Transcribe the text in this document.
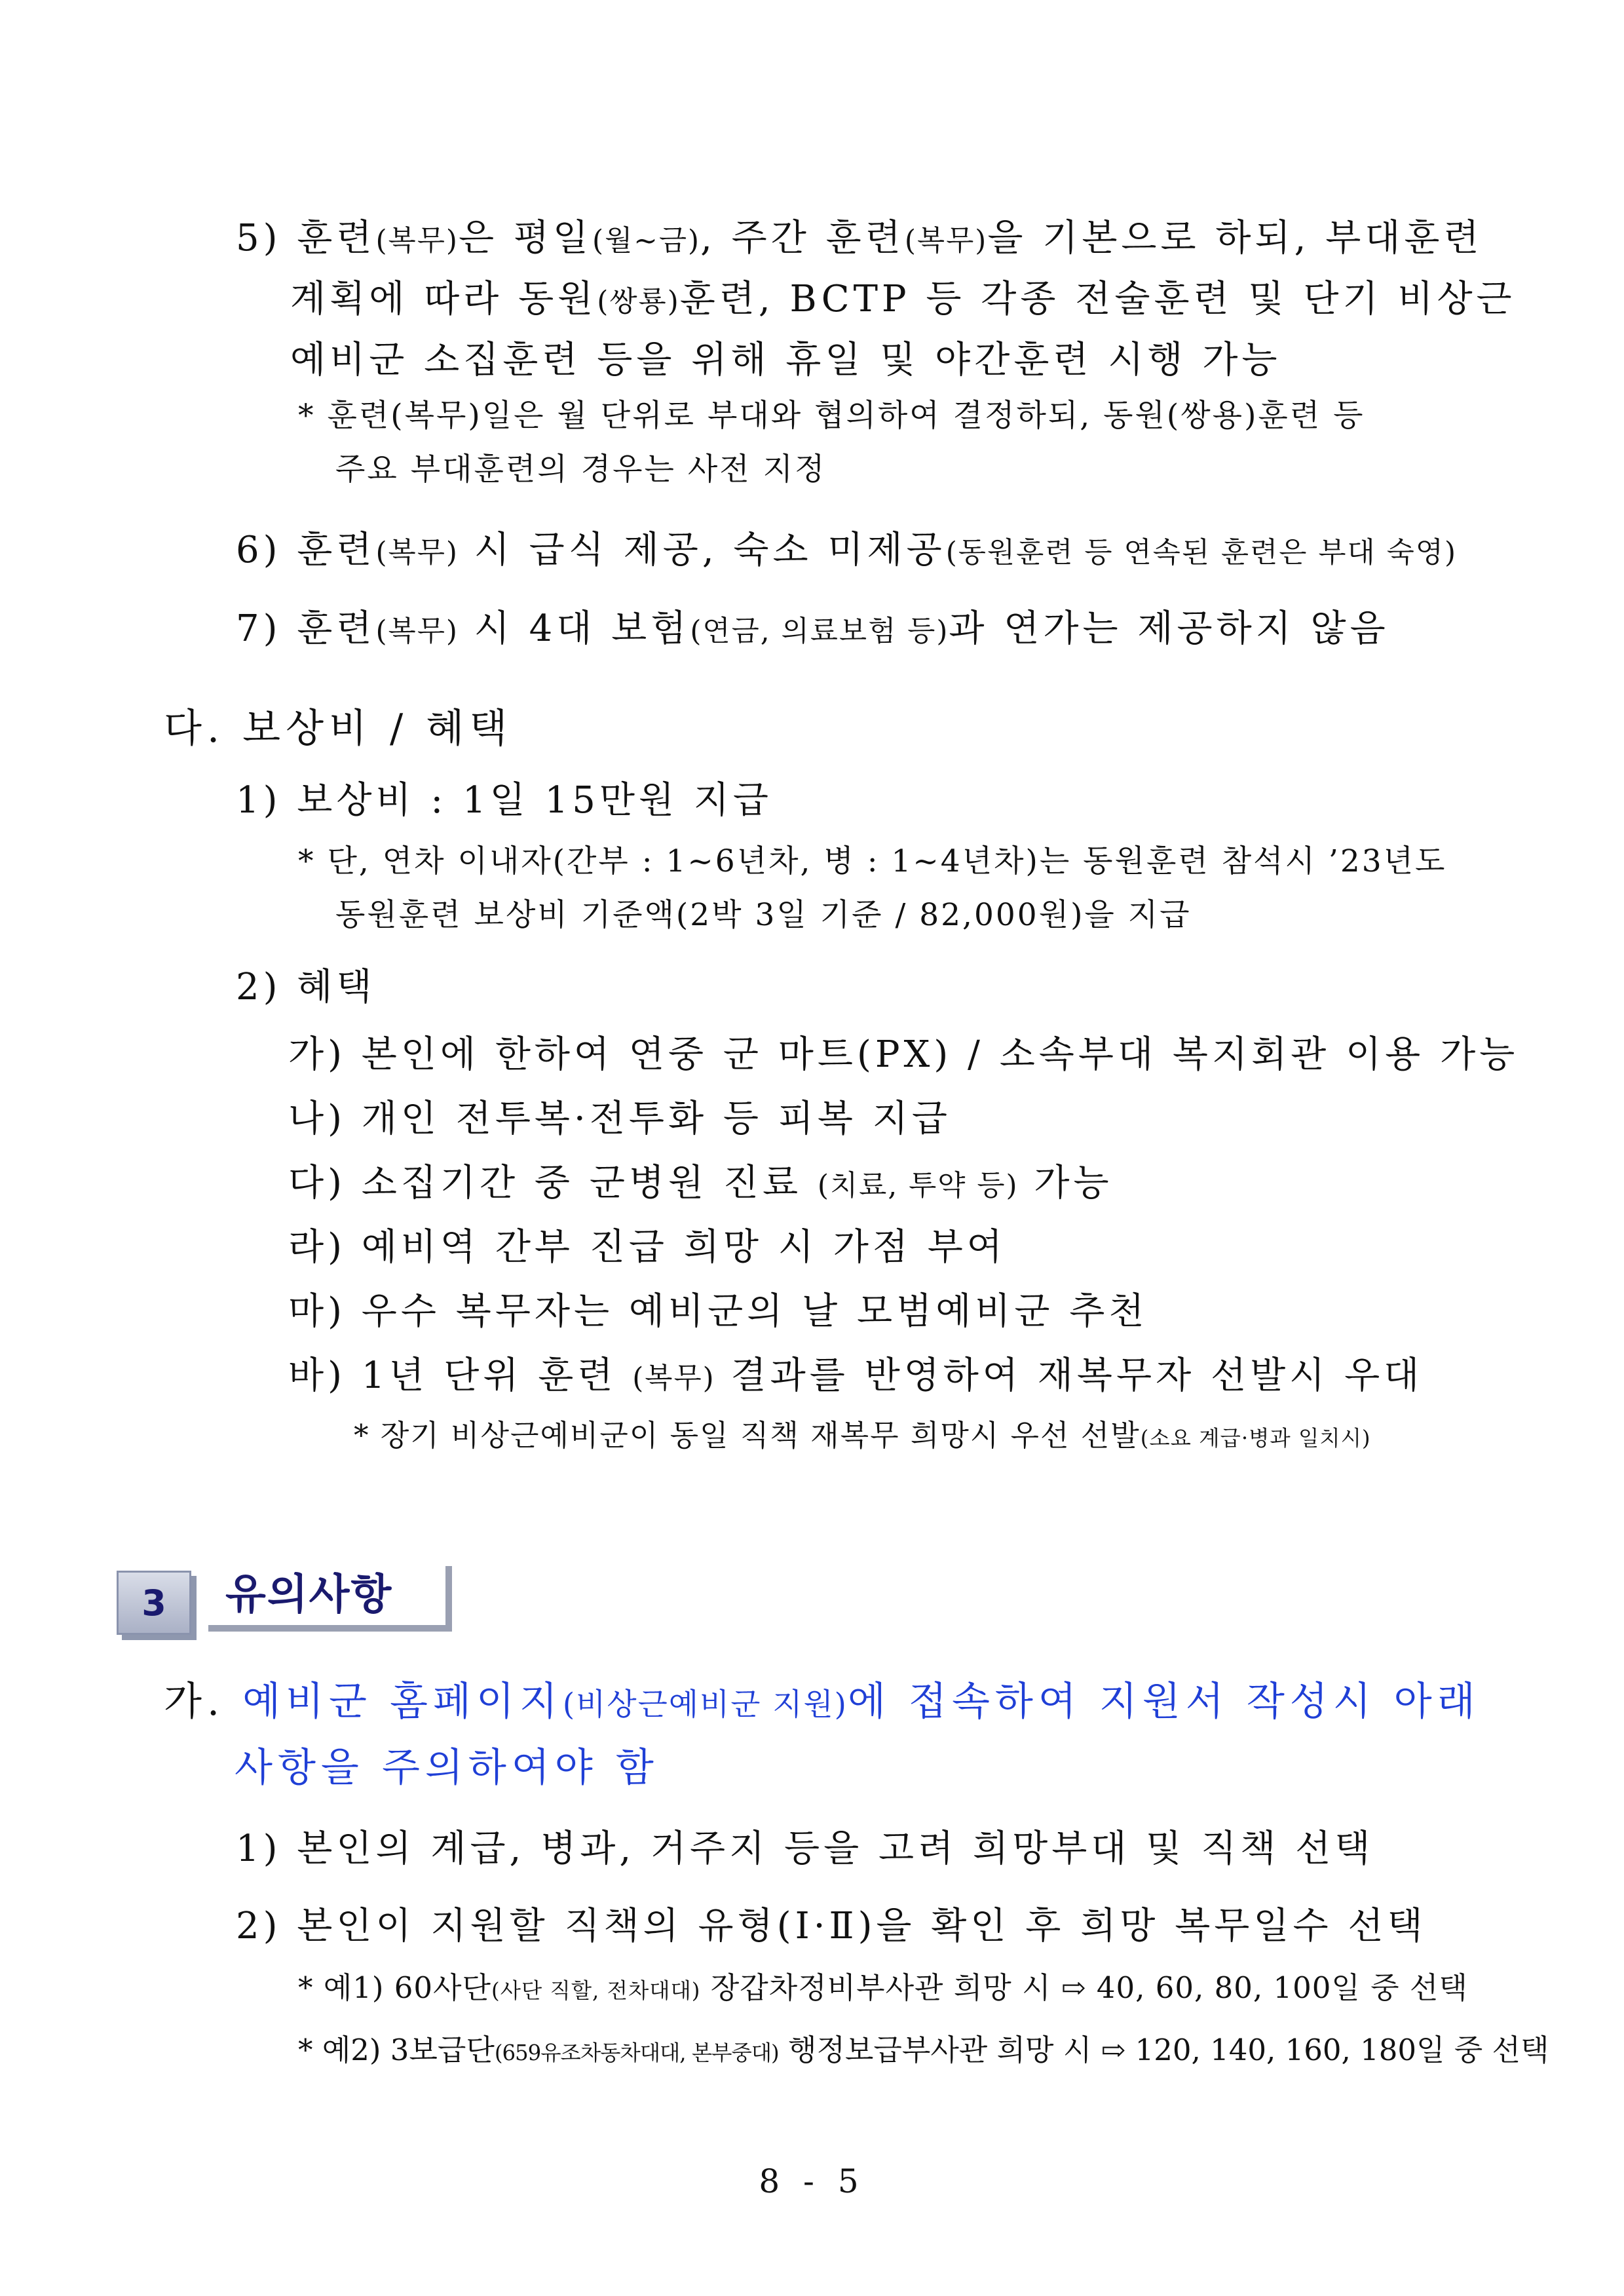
5) 훈련(복무)은 평일(월~금), 주간 훈련(복무)을 기본으로 하되, 부대훈련
계획에 따라 동원(쌍룡)훈련, BCTP 등 각종 전술훈련 및 단기 비상근
예비군 소집훈련 등을 위해 휴일 및 야간훈련 시행 가능
* 훈련(복무)일은 월 단위로 부대와 협의하여 결정하되, 동원(쌍용)훈련 등
주요 부대훈련의 경우는 사전 지정
6) 훈련(복무) 시 급식 제공, 숙소 미제공(동원훈련 등 연속된 훈련은 부대 숙영)
7) 훈련(복무) 시 4대 보험(연금, 의료보험 등)과 연가는 제공하지 않음
다. 보상비 / 혜택
1) 보상비 : 1일 15만원 지급
* 단, 연차 이내자(간부 : 1~6년차, 병 : 1~4년차)는 동원훈련 참석시 ’23년도
동원훈련 보상비 기준액(2박 3일 기준 / 82,000원)을 지급
2) 혜택
가) 본인에 한하여 연중 군 마트(PX) / 소속부대 복지회관 이용 가능
나) 개인 전투복·전투화 등 피복 지급
다) 소집기간 중 군병원 진료 (치료, 투약 등) 가능
라) 예비역 간부 진급 희망 시 가점 부여
마) 우수 복무자는 예비군의 날 모범예비군 추천
바) 1년 단위 훈련 (복무) 결과를 반영하여 재복무자 선발시 우대
* 장기 비상근예비군이 동일 직책 재복무 희망시 우선 선발(소요 계급·병과 일치시)
3	유의사항
가. 예비군 홈페이지(비상근예비군 지원)에 접속하여 지원서 작성시 아래
사항을 주의하여야 함
1) 본인의 계급, 병과, 거주지 등을 고려 희망부대 및 직책 선택
2) 본인이 지원할 직책의 유형(Ⅰ·Ⅱ)을 확인 후 희망 복무일수 선택
* 예1) 60사단(사단 직할, 전차대대) 장갑차정비부사관 희망 시 ⇨ 40, 60, 80, 100일 중 선택
* 예2) 3보급단(659유조차동차대대, 본부중대) 행정보급부사관 희망 시 ⇨ 120, 140, 160, 180일 중 선택
8 - 5
